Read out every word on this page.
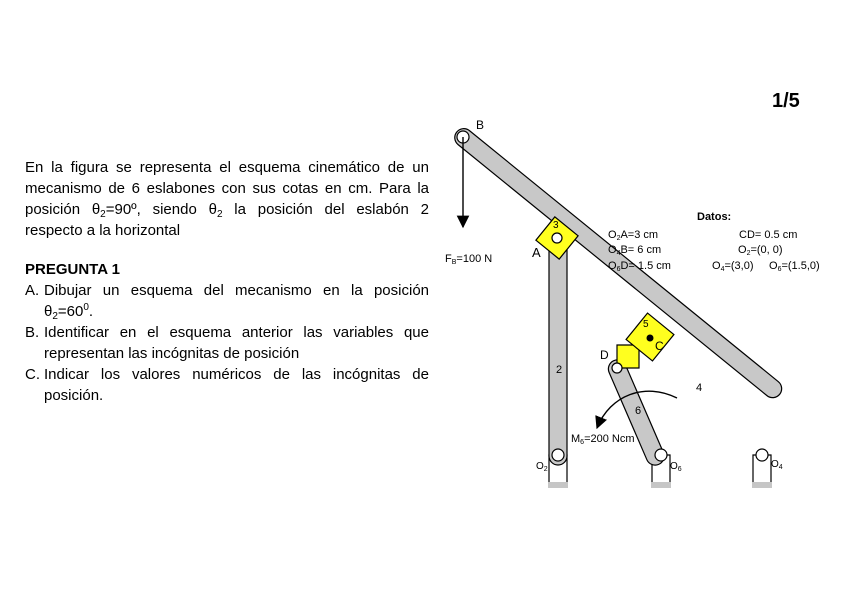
1/5

En la figura se representa el esquema cinemático de un mecanismo de 6 eslabones con sus cotas en cm. Para la posición $\theta_2=90º$, siendo $\theta_2$ la posición del eslabón 2 respecto a la horizontal

PREGUNTA 1

A. Dibujar un esquema del mecanismo en la posición $\theta_2=60^0$.

B. Identificar en el esquema anterior las variables que representan las incógnitas de posición

C. Indicar los valores numéricos de las incógnitas de posición.

B
A
C
D
3
5
2
4
6
$O_2$	$O_6$	$O_4$
FB=100 N
M6=200 Ncm
Datos:
O2A=3 cm
O4B= 6 cm
O6D= 1.5 cm
CD= 0.5 cm
O2=(0, 0)
O4=(3,0) O6=(1.5,0)
